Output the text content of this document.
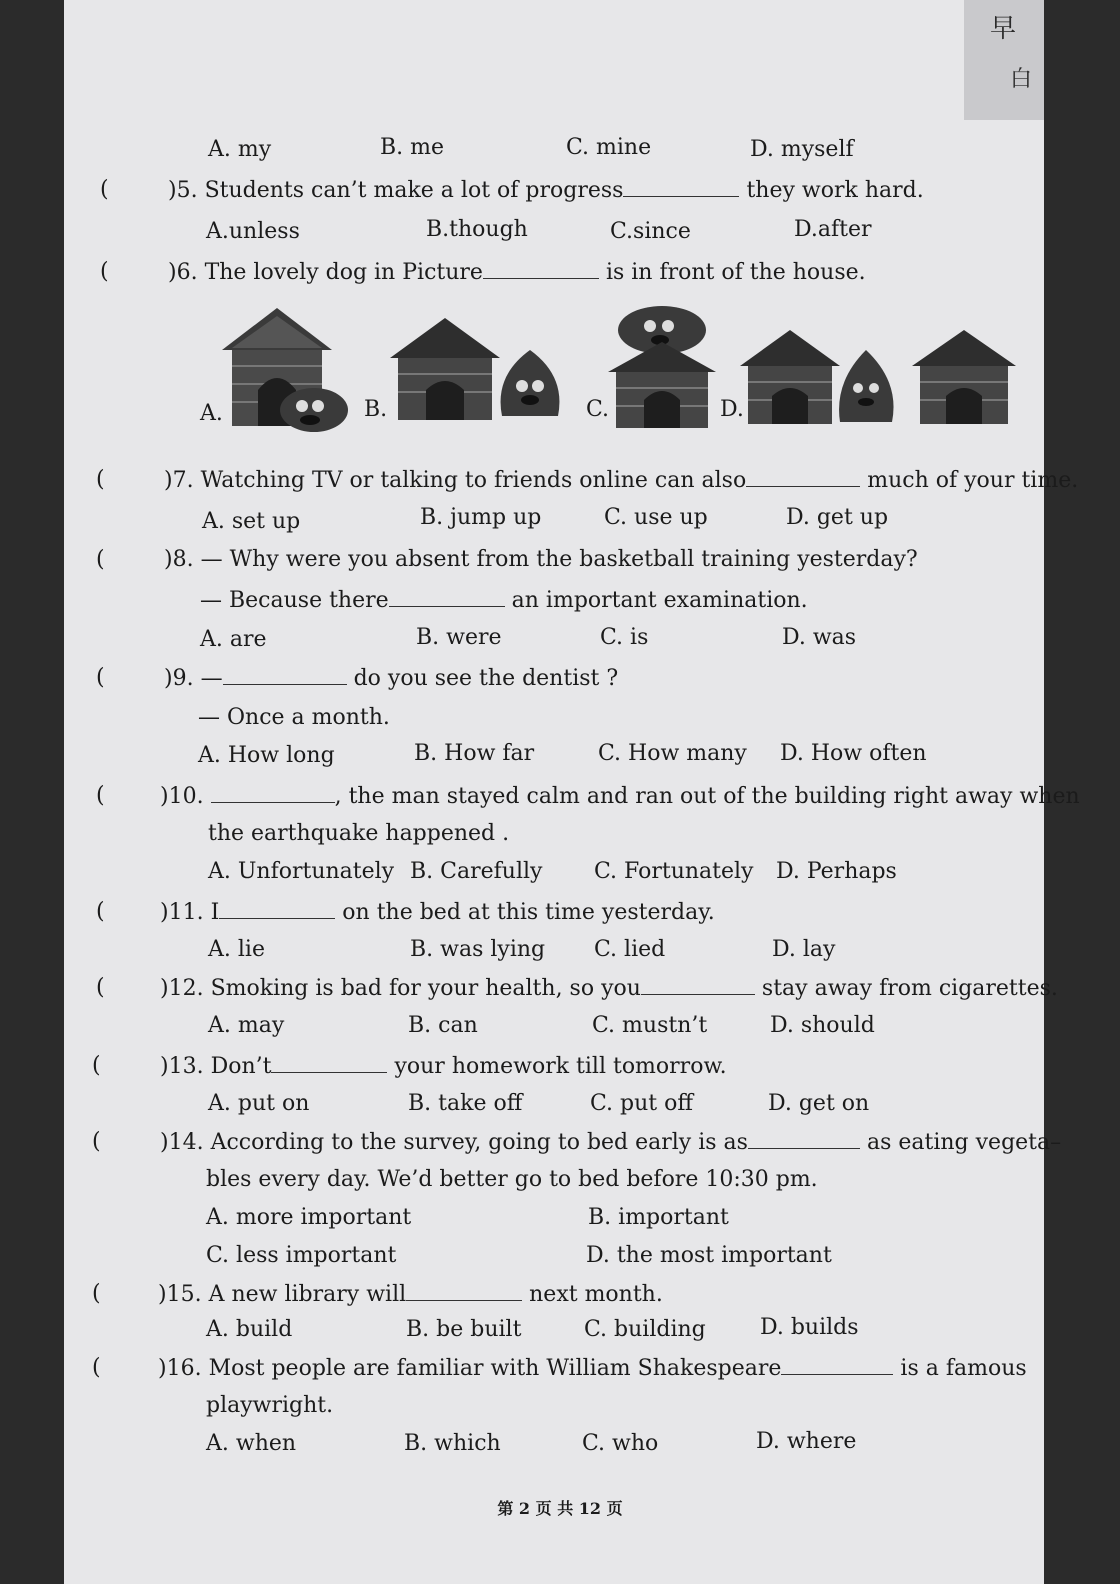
早
白
A. my	B. me	C. mine	D. myself
(	)5. Students can’t make a lot of progress	they work hard.
A.unless	B.though	C.since	D.after
(	)6. The lovely dog in Picture	is in front of the house.
A.	B.	C.	D.
(	)7. Watching TV or talking to friends online can also	much of your time.
A. set up	B. jump up	C. use up	D. get up
(	)8. — Why were you absent from the basketball training yesterday?
— Because there	an important examination.
A. are	B. were	C. is	D. was
(	)9. —	do you see the dentist ?
— Once a month.
A. How long	B. How far	C. How many D. How often
(	)10.	, the man stayed calm and ran out of the building right away when
the earthquake happened .
A. Unfortunately B. Carefully C. Fortunately D. Perhaps
(	)11. I	on the bed at this time yesterday.
A. lie	B. was lying C. lied	D. lay
(	)12. Smoking is bad for your health, so you	stay away from cigarettes.
A. may	B. can	C. mustn’t	D. should
(	)13. Don’t	your homework till tomorrow.
A. put on	B. take off	C. put off	D. get on
(	)14. According to the survey, going to bed early is as	as eating vegeta–
bles every day. We’d better go to bed before 10:30 pm.
A. more important	B. important
C. less important	D. the most important
(	)15. A new library will	next month.
A. build	B. be built	C. building D. builds
(	)16. Most people are familiar with William Shakespeare	is a famous
playwright.
A. when	B. which	C. who	D. where
第 2 页 共 12 页
